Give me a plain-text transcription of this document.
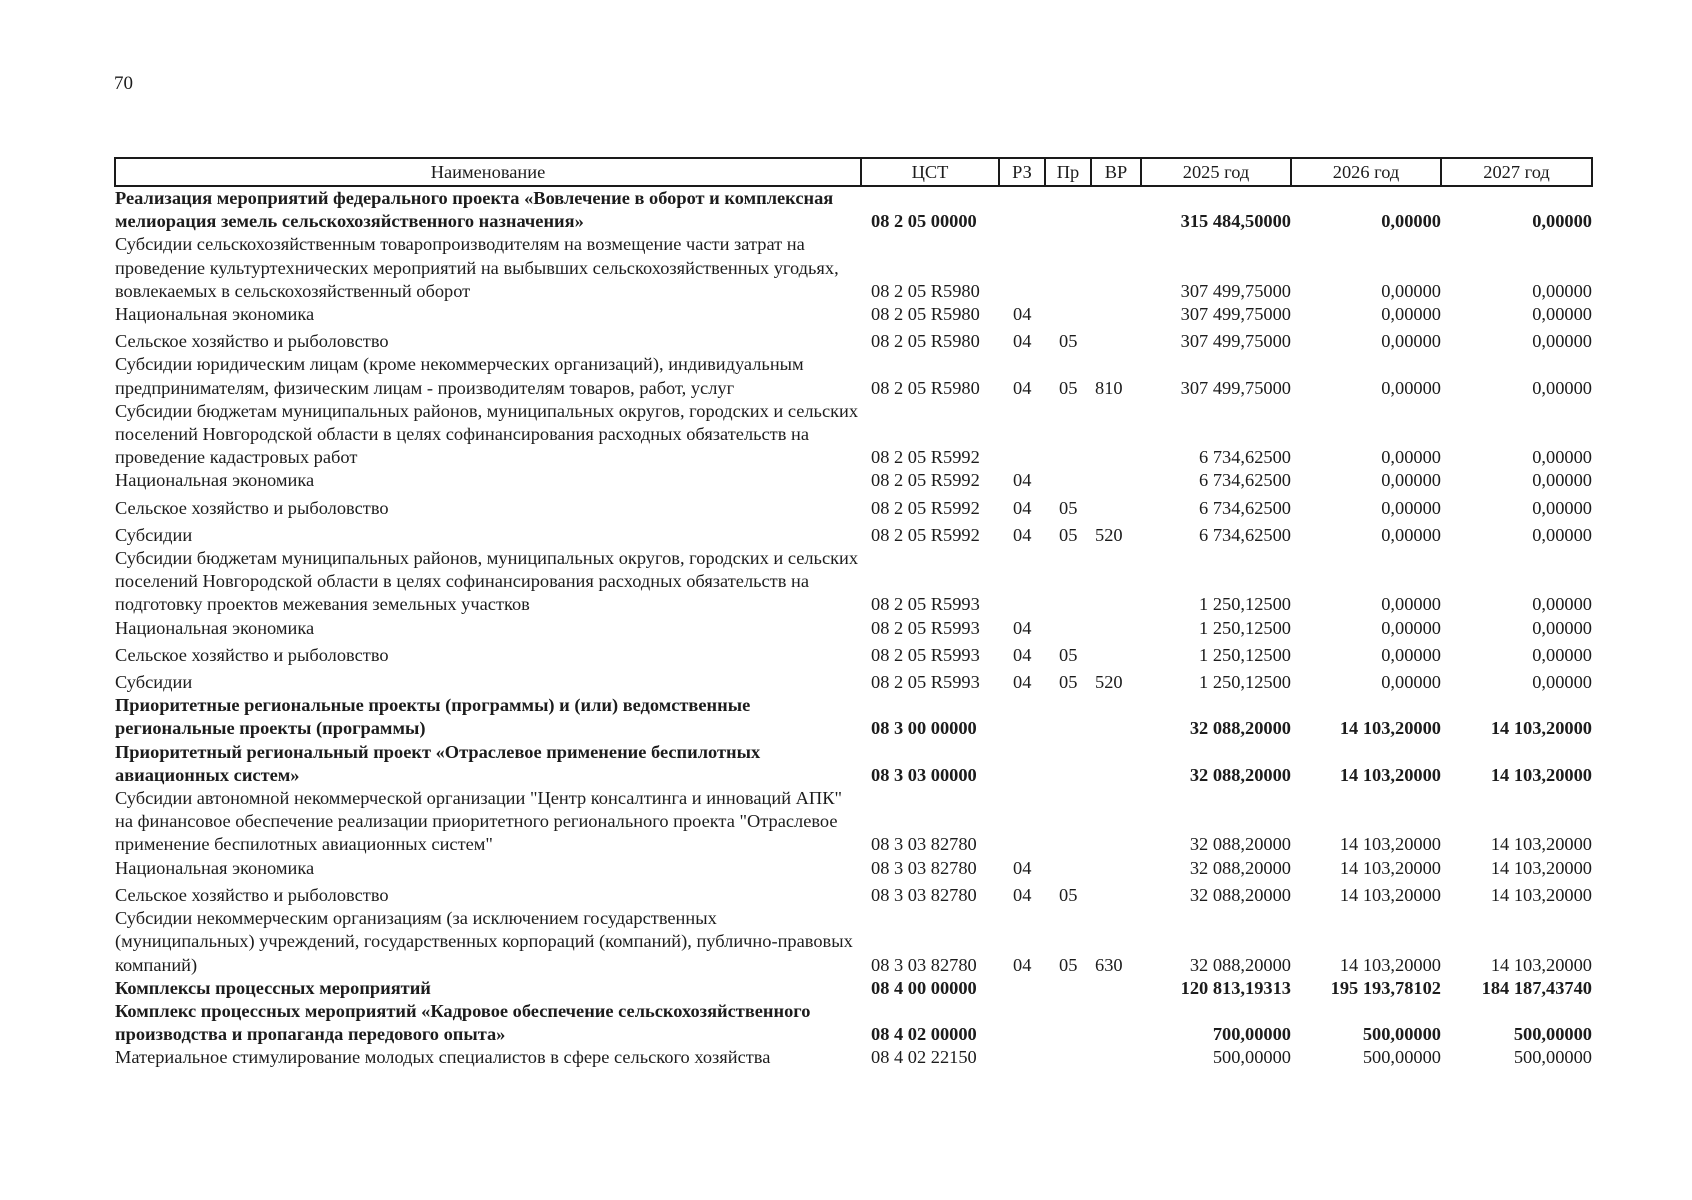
70
Наименование	ЦСТ	РЗ	Пр	ВР	2025 год	2026 год	2027 год
Реализация мероприятий федерального проекта «Вовлечение в оборот и комплексная мелиорация земель сельскохозяйственного назначения»	08 2 05 00000				315 484,50000	0,00000	0,00000
Субсидии сельскохозяйственным товаропроизводителям на возмещение части затрат на проведение культуртехнических мероприятий на выбывших сельскохозяйственных угодьях, вовлекаемых в сельскохозяйственный оборот	08 2 05 R5980				307 499,75000	0,00000	0,00000
Национальная экономика	08 2 05 R5980	04			307 499,75000	0,00000	0,00000
Сельское хозяйство и рыболовство	08 2 05 R5980	04	05		307 499,75000	0,00000	0,00000
Субсидии юридическим лицам (кроме некоммерческих организаций), индивидуальным предпринимателям, физическим лицам - производителям товаров, работ, услуг	08 2 05 R5980	04	05	810	307 499,75000	0,00000	0,00000
Субсидии бюджетам муниципальных районов, муниципальных округов, городских и сельских поселений Новгородской области в целях софинансирования расходных обязательств на проведение кадастровых работ	08 2 05 R5992				6 734,62500	0,00000	0,00000
Национальная экономика	08 2 05 R5992	04			6 734,62500	0,00000	0,00000
Сельское хозяйство и рыболовство	08 2 05 R5992	04	05		6 734,62500	0,00000	0,00000
Субсидии	08 2 05 R5992	04	05	520	6 734,62500	0,00000	0,00000
Субсидии бюджетам муниципальных районов, муниципальных округов, городских и сельских поселений Новгородской области в целях софинансирования расходных обязательств на подготовку проектов межевания земельных участков	08 2 05 R5993				1 250,12500	0,00000	0,00000
Национальная экономика	08 2 05 R5993	04			1 250,12500	0,00000	0,00000
Сельское хозяйство и рыболовство	08 2 05 R5993	04	05		1 250,12500	0,00000	0,00000
Субсидии	08 2 05 R5993	04	05	520	1 250,12500	0,00000	0,00000
Приоритетные региональные проекты (программы) и (или) ведомственные региональные проекты (программы)	08 3 00 00000				32 088,20000	14 103,20000	14 103,20000
Приоритетный региональный проект «Отраслевое применение беспилотных авиационных систем»	08 3 03 00000				32 088,20000	14 103,20000	14 103,20000
Субсидии автономной некоммерческой организации "Центр консалтинга и инноваций АПК" на финансовое обеспечение реализации приоритетного регионального проекта "Отраслевое применение беспилотных авиационных систем"	08 3 03 82780				32 088,20000	14 103,20000	14 103,20000
Национальная экономика	08 3 03 82780	04			32 088,20000	14 103,20000	14 103,20000
Сельское хозяйство и рыболовство	08 3 03 82780	04	05		32 088,20000	14 103,20000	14 103,20000
Субсидии некоммерческим организациям (за исключением государственных (муниципальных) учреждений, государственных корпораций (компаний), публично-правовых компаний)	08 3 03 82780	04	05	630	32 088,20000	14 103,20000	14 103,20000
Комплексы процессных мероприятий	08 4 00 00000				120 813,19313	195 193,78102	184 187,43740
Комплекс процессных мероприятий «Кадровое обеспечение сельскохозяйственного производства и пропаганда передового опыта»	08 4 02 00000				700,00000	500,00000	500,00000
Материальное стимулирование молодых специалистов в сфере сельского хозяйства	08 4 02 22150				500,00000	500,00000	500,00000
